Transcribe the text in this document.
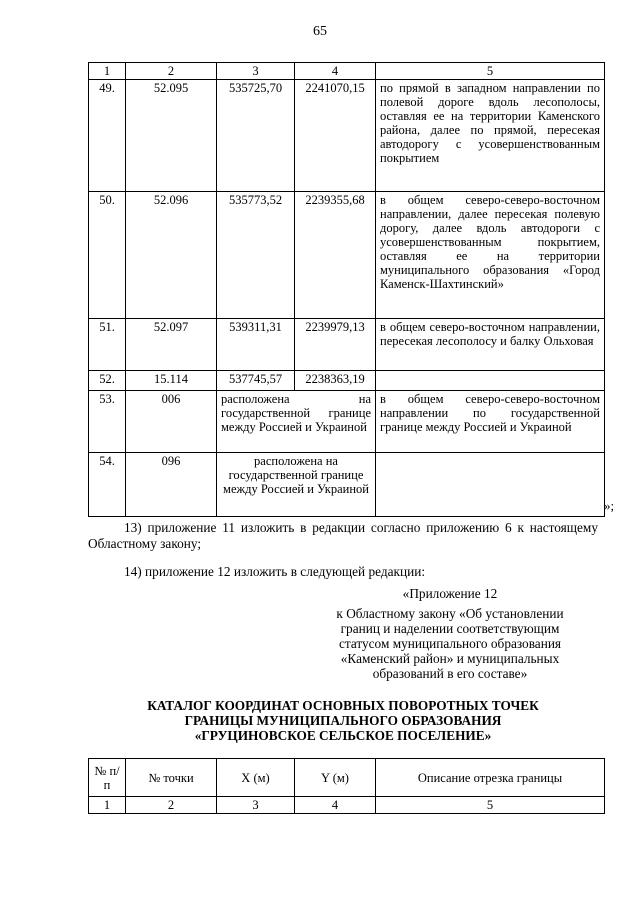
65
1	2	3	4	5
49.	52.095	535725,70	2241070,15	по прямой в западном направлении по полевой дороге вдоль лесополосы, оставляя ее на территории Каменского района, далее по прямой, пересекая автодорогу с усовершенствованным покрытием
50.	52.096	535773,52	2239355,68	в общем северо-северо-восточном направлении, далее пересекая полевую дорогу, далее вдоль автодороги с усовершенствованным покрытием, оставляя ее на территории муниципального образования «Город Каменск-Шахтинский»
51.	52.097	539311,31	2239979,13	в общем северо-восточном направлении, пересекая лесополосу и балку Ольховая
52.	15.114	537745,57	2238363,19	
53.	006	расположена на государственной границе между Россией и Украиной		в общем северо-северо-восточном направлении по государственной границе между Россией и Украиной
54.	096	расположена на государственной границе между Россией и Украиной		
»;
13) приложение 11 изложить в редакции согласно приложению 6 к настоящему Областному закону;
14) приложение 12 изложить в следующей редакции:
«Приложение 12
к Областному закону «Об установлении
границ и наделении соответствующим
статусом муниципального образования
«Каменский район» и муниципальных
образований в его составе»
КАТАЛОГ КООРДИНАТ ОСНОВНЫХ ПОВОРОТНЫХ ТОЧЕК
ГРАНИЦЫ МУНИЦИПАЛЬНОГО ОБРАЗОВАНИЯ
«ГРУЦИНОВСКОЕ СЕЛЬСКОЕ ПОСЕЛЕНИЕ»
№ п/п	№ точки	X (м)	Y (м)	Описание отрезка границы
1	2	3	4	5
